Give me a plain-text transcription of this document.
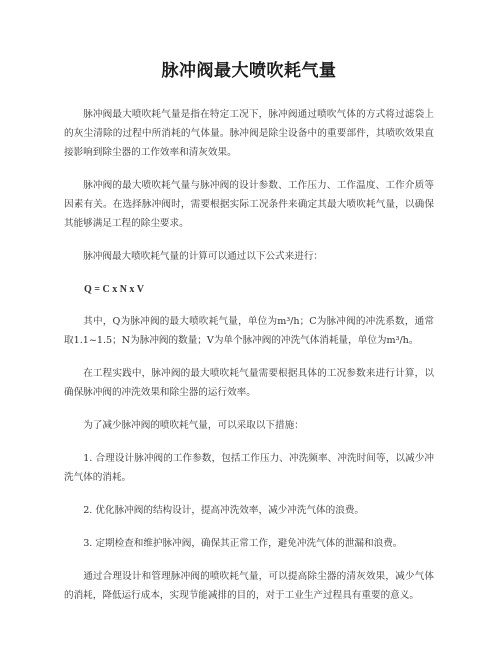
脉冲阀最大喷吹耗气量

脉冲阀最大喷吹耗气量是指在特定工况下，脉冲阀通过喷吹气体的方式将过滤袋上的灰尘清除的过程中所消耗的气体量。脉冲阀是除尘设备中的重要部件，其喷吹效果直接影响到除尘器的工作效率和清灰效果。

脉冲阀的最大喷吹耗气量与脉冲阀的设计参数、工作压力、工作温度、工作介质等因素有关。在选择脉冲阀时，需要根据实际工况条件来确定其最大喷吹耗气量，以确保其能够满足工程的除尘要求。

脉冲阀最大喷吹耗气量的计算可以通过以下公式来进行：

Q = C x N x V

其中，Q为脉冲阀的最大喷吹耗气量，单位为m³/h；C为脉冲阀的冲洗系数，通常取1.1~1.5；N为脉冲阀的数量；V为单个脉冲阀的冲洗气体消耗量，单位为m³/h。

在工程实践中，脉冲阀的最大喷吹耗气量需要根据具体的工况参数来进行计算，以确保脉冲阀的冲洗效果和除尘器的运行效率。

为了减少脉冲阀的喷吹耗气量，可以采取以下措施：

1. 合理设计脉冲阀的工作参数，包括工作压力、冲洗频率、冲洗时间等，以减少冲洗气体的消耗。

2. 优化脉冲阀的结构设计，提高冲洗效率，减少冲洗气体的浪费。

3. 定期检查和维护脉冲阀，确保其正常工作，避免冲洗气体的泄漏和浪费。

通过合理设计和管理脉冲阀的喷吹耗气量，可以提高除尘器的清灰效果，减少气体的消耗，降低运行成本，实现节能减排的目的，对于工业生产过程具有重要的意义。
